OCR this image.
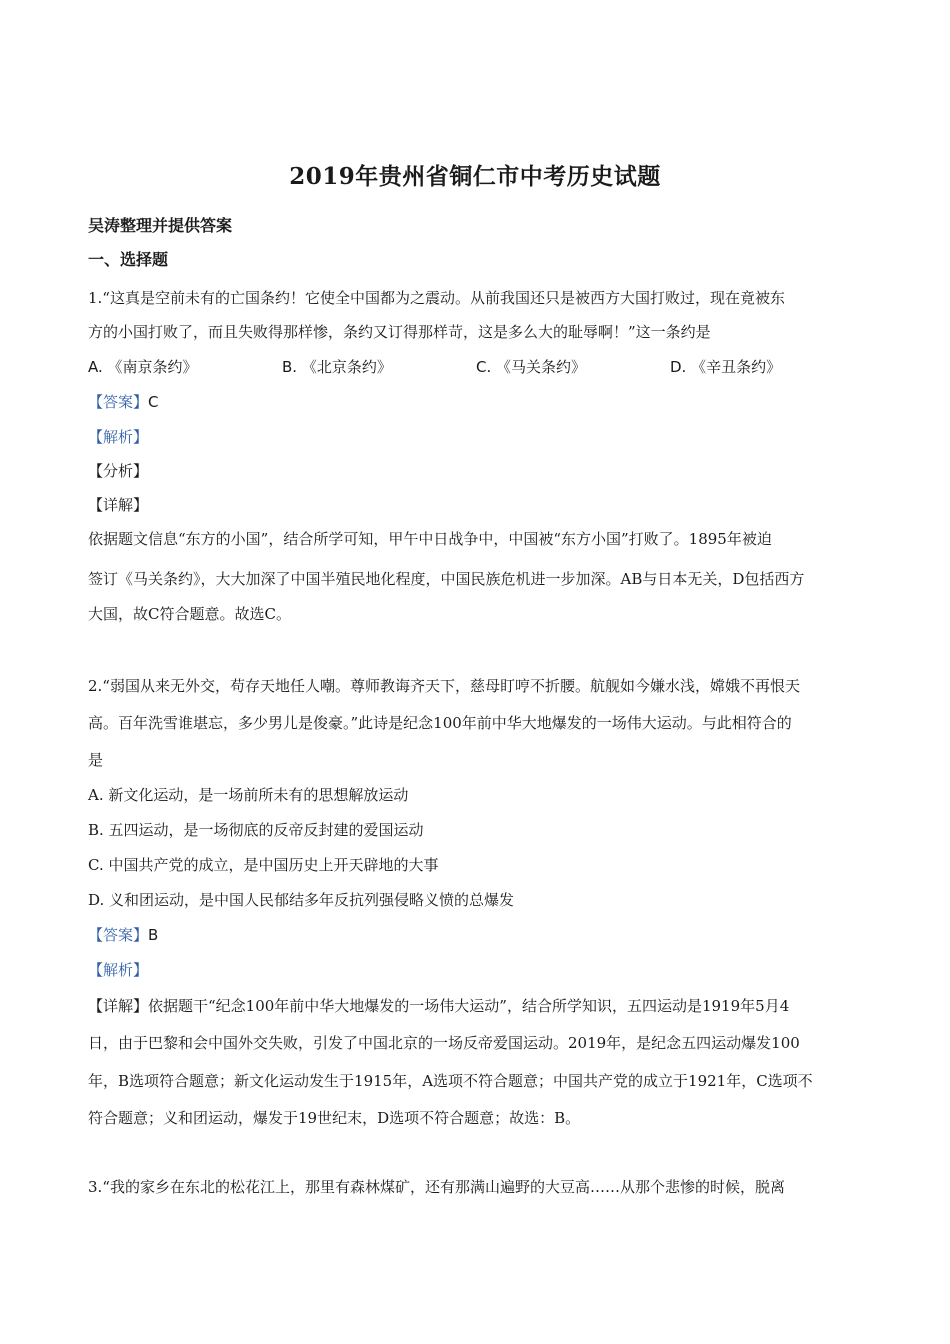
2019年贵州省铜仁市中考历史试题
吴涛整理并提供答案
一、选择题
1.“这真是空前未有的亡国条约！它使全中国都为之震动。从前我国还只是被西方大国打败过，现在竟被东
方的小国打败了，而且失败得那样惨，条约又订得那样苛，这是多么大的耻辱啊！”这一条约是
A. 《南京条约》	B. 《北京条约》	C. 《马关条约》	D. 《辛丑条约》
【答案】C
【解析】
【分析】
【详解】
依据题文信息“东方的小国”，结合所学可知，甲午中日战争中，中国被“东方小国”打败了。1895年被迫
签订《马关条约》，大大加深了中国半殖民地化程度，中国民族危机进一步加深。AB与日本无关，D包括西方
大国，故C符合题意。故选C。
2.“弱国从来无外交，苟存天地任人嘲。尊师教诲齐天下，慈母盯哼不折腰。航舰如今嫌水浅，嫦娥不再恨天
高。百年洗雪谁堪忘，多少男儿是俊豪。”此诗是纪念100年前中华大地爆发的一场伟大运动。与此相符合的
是
A. 新文化运动，是一场前所未有的思想解放运动
B. 五四运动，是一场彻底的反帝反封建的爱国运动
C. 中国共产党的成立，是中国历史上开天辟地的大事
D. 义和团运动，是中国人民郁结多年反抗列强侵略义愤的总爆发
【答案】B
【解析】
【详解】依据题干“纪念100年前中华大地爆发的一场伟大运动”，结合所学知识，五四运动是1919年5月4
日，由于巴黎和会中国外交失败，引发了中国北京的一场反帝爱国运动。2019年，是纪念五四运动爆发100
年，B选项符合题意；新文化运动发生于1915年，A选项不符合题意；中国共产党的成立于1921年，C选项不
符合题意；义和团运动，爆发于19世纪末，D选项不符合题意；故选：B。
3.“我的家乡在东北的松花江上，那里有森林煤矿，还有那满山遍野的大豆高……从那个悲惨的时候，脱离
